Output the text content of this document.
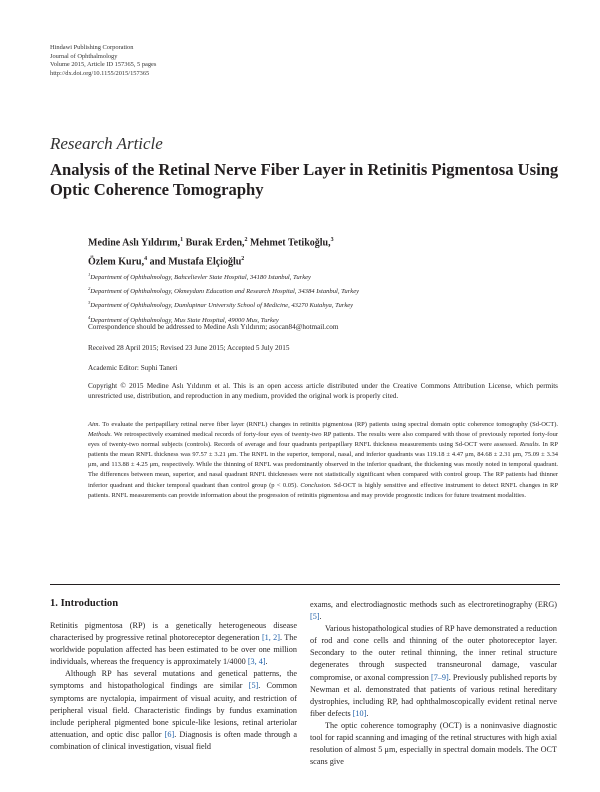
Hindawi Publishing Corporation
Journal of Ophthalmology
Volume 2015, Article ID 157365, 5 pages
http://dx.doi.org/10.1155/2015/157365
Research Article
Analysis of the Retinal Nerve Fiber Layer in Retinitis Pigmentosa Using Optic Coherence Tomography
Medine Aslı Yıldırım,$^1$ Burak Erden,$^2$ Mehmet Tetikoğlu,$^3$
Özlem Kuru,$^4$ and Mustafa Elçioğlu$^2$
$^1$Department of Ophthalmology, Bahcelievler State Hospital, 34180 Istanbul, Turkey
$^2$Department of Ophthalmology, Okmeydanı Education and Research Hospital, 34384 Istanbul, Turkey
$^3$Department of Ophthalmology, Dumlupinar University School of Medicine, 43270 Kutahya, Turkey
$^4$Department of Ophthalmology, Mus State Hospital, 49000 Mus, Turkey
Correspondence should be addressed to Medine Aslı Yıldırım; asocan84@hotmail.com
Received 28 April 2015; Revised 23 June 2015; Accepted 5 July 2015
Academic Editor: Suphi Taneri
Copyright © 2015 Medine Aslı Yıldırım et al. This is an open access article distributed under the Creative Commons Attribution License, which permits unrestricted use, distribution, and reproduction in any medium, provided the original work is properly cited.
Aim. To evaluate the peripapillary retinal nerve fiber layer (RNFL) changes in retinitis pigmentosa (RP) patients using spectral domain optic coherence tomography (Sd-OCT). Methods. We retrospectively examined medical records of forty-four eyes of twenty-two RP patients. The results were also compared with those of previously reported forty-four eyes of twenty-two normal subjects (controls). Records of average and four quadrants peripapillary RNFL thickness measurements using Sd-OCT were assessed. Results. In RP patients the mean RNFL thickness was 97.57 ± 3.21 μm. The RNFL in the superior, temporal, nasal, and inferior quadrants was 119.18 ± 4.47 μm, 84.68 ± 2.31 μm, 75.09 ± 3.34 μm, and 113.88 ± 4.25 μm, respectively. While the thinning of RNFL was predominantly observed in the inferior quadrant, the thickening was mostly noted in temporal quadrant. The differences between mean, superior, and nasal quadrant RNFL thicknesses were not statistically significant when compared with control group. The RP patients had thinner inferior quadrant and thicker temporal quadrant than control group (p < 0.05). Conclusion. Sd-OCT is highly sensitive and effective instrument to detect RNFL changes in RP patients. RNFL measurements can provide information about the progression of retinitis pigmentosa and may provide prognostic indices for future treatment modalities.
1. Introduction

Retinitis pigmentosa (RP) is a genetically heterogeneous disease characterised by progressive retinal photoreceptor degeneration [1, 2]. The worldwide population affected has been estimated to be over one million individuals, whereas the frequency is approximately 1/4000 [3, 4].

Although RP has several mutations and genetical patterns, the symptoms and histopathological findings are similar [5]. Common symptoms are nyctalopia, impairment of visual acuity, and restriction of peripheral visual field. Characteristic findings by fundus examination include peripheral pigmented bone spicule-like lesions, retinal arteriolar attenuation, and optic disc pallor [6]. Diagnosis is often made through a combination of clinical investigation, visual field

exams, and electrodiagnostic methods such as electroretinography (ERG) [5].

Various histopathological studies of RP have demonstrated a reduction of rod and cone cells and thinning of the outer photoreceptor layer. Secondary to the outer retinal thinning, the inner retinal structure degenerates through suspected transneuronal damage, vascular compromise, or axonal compression [7–9]. Previously published reports by Newman et al. demonstrated that patients of various retinal hereditary dystrophies, including RP, had ophthalmoscopically evident retinal nerve fiber defects [10].

The optic coherence tomography (OCT) is a noninvasive diagnostic tool for rapid scanning and imaging of the retinal structures with high axial resolution of almost 5 μm, especially in spectral domain models. The OCT scans give
